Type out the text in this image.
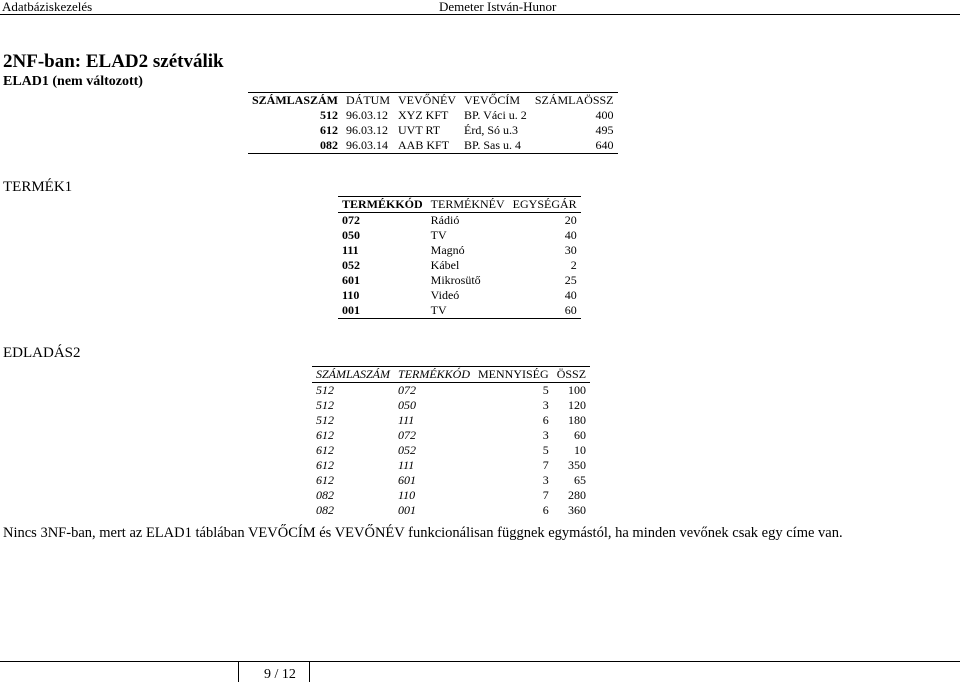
Adatbáziskezelés	Demeter István-Hunor
2NF-ban: ELAD2 szétválik
ELAD1 (nem változott)
SZÁMLASZÁM	DÁTUM	VEVŐNÉV	VEVŐCÍM	SZÁMLAÖSSZ
512	96.03.12	XYZ KFT	BP. Váci u. 2	400
612	96.03.12	UVT RT	Érd, Só u.3	495
082	96.03.14	AAB KFT	BP. Sas u. 4	640
TERMÉK1
TERMÉKKÓD	TERMÉKNÉV	EGYSÉGÁR
072	Rádió	20
050	TV	40
111	Magnó	30
052	Kábel	2
601	Mikrosütő	25
110	Videó	40
001	TV	60
EDLADÁS2
SZÁMLASZÁM	TERMÉKKÓD	MENNYISÉG	ÖSSZ
512	072	5	100
512	050	3	120
512	111	6	180
612	072	3	60
612	052	5	10
612	111	7	350
612	601	3	65
082	110	7	280
082	001	6	360
Nincs 3NF-ban, mert az ELAD1 táblában VEVŐCÍM és VEVŐNÉV funkcionálisan függnek egymástól, ha minden vevőnek csak egy címe van.
9 / 12
